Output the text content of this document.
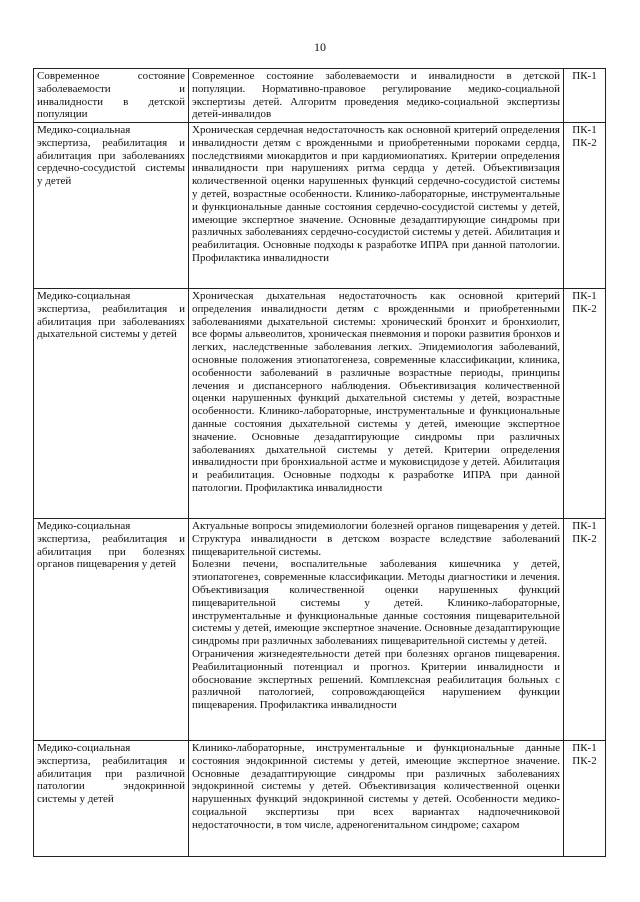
10
Современное состояние заболеваемости и инвалидности в детской популяции	Современное состояние заболеваемости и инвалидности в детской популяции. Нормативно-правовое регулирование медико-социальной экспертизы детей. Алгоритм проведения медико-социальной экспертизы детей-инвалидов	ПК-1

Медико-социальная экспертиза, реабилитация и абилитация при заболеваниях сердечно-сосудистой системы у детей	Хроническая сердечная недостаточность как основной критерий определения инвалидности детям с врожденными и приобретенными пороками сердца, последствиями миокардитов и при кардиомиопатиях. Критерии определения инвалидности при нарушениях ритма сердца у детей. Объективизация количественной оценки нарушенных функций сердечно-сосудистой системы у детей, возрастные особенности. Клинико-лабораторные, инструментальные и функциональные данные состояния сердечно-сосудистой системы у детей, имеющие экспертное значение. Основные дезадаптирующие синдромы при различных заболеваниях сердечно-сосудистой системы у детей. Абилитация и реабилитация. Основные подходы к разработке ИПРА при данной патологии. Профилактика инвалидности	ПК-1
ПК-2

Медико-социальная экспертиза, реабилитация и абилитация при заболеваниях дыхательной системы у детей	Хроническая дыхательная недостаточность как основной критерий определения инвалидности детям с врожденными и приобретенными заболеваниями дыхательной системы: хронический бронхит и бронхиолит, все формы альвеолитов, хроническая пневмония и пороки развития бронхов и легких, наследственные заболевания легких. Эпидемиология заболеваний, основные положения этиопатогенеза, современные классификации, клиника, особенности заболеваний в различные возрастные периоды, принципы лечения и диспансерного наблюдения. Объективизация количественной оценки нарушенных функций дыхательной системы у детей, возрастные особенности. Клинико-лабораторные, инструментальные и функциональные данные состояния дыхательной системы у детей, имеющие экспертное значение. Основные дезадаптирующие синдромы при различных заболеваниях дыхательной системы у детей. Критерии определения инвалидности при бронхиальной астме и муковисцидозе у детей. Абилитация и реабилитация. Основные подходы к разработке ИПРА при данной патологии. Профилактика инвалидности	ПК-1
ПК-2

Медико-социальная экспертиза, реабилитация и абилитация при болезнях органов пищеварения у детей	Актуальные вопросы эпидемиологии болезней органов пищеварения у детей. Структура инвалидности в детском возрасте вследствие заболеваний пищеварительной системы.
Болезни печени, воспалительные заболевания кишечника у детей, этиопатогенез, современные классификации. Методы диагностики и лечения. Объективизация количественной оценки нарушенных функций пищеварительной системы у детей. Клинико-лабораторные, инструментальные и функциональные данные состояния пищеварительной системы у детей, имеющие экспертное значение. Основные дезадаптирующие синдромы при различных заболеваниях пищеварительной системы у детей.
Ограничения жизнедеятельности детей при болезнях органов пищеварения. Реабилитационный потенциал и прогноз. Критерии инвалидности и обоснование экспертных решений. Комплексная реабилитация больных с различной патологией, сопровождающейся нарушением функции пищеварения. Профилактика инвалидности	ПК-1
ПК-2

Медико-социальная экспертиза, реабилитация и абилитация при различной патологии эндокринной системы у детей	Клинико-лабораторные, инструментальные и функциональные данные состояния эндокринной системы у детей, имеющие экспертное значение. Основные дезадаптирующие синдромы при различных заболеваниях эндокринной системы у детей. Объективизация количественной оценки нарушенных функций эндокринной системы у детей. Особенности медико-социальной экспертизы при всех вариантах надпочечниковой недостаточности, в том числе, адреногенитальном синдроме; сахаром	ПК-1
ПК-2
